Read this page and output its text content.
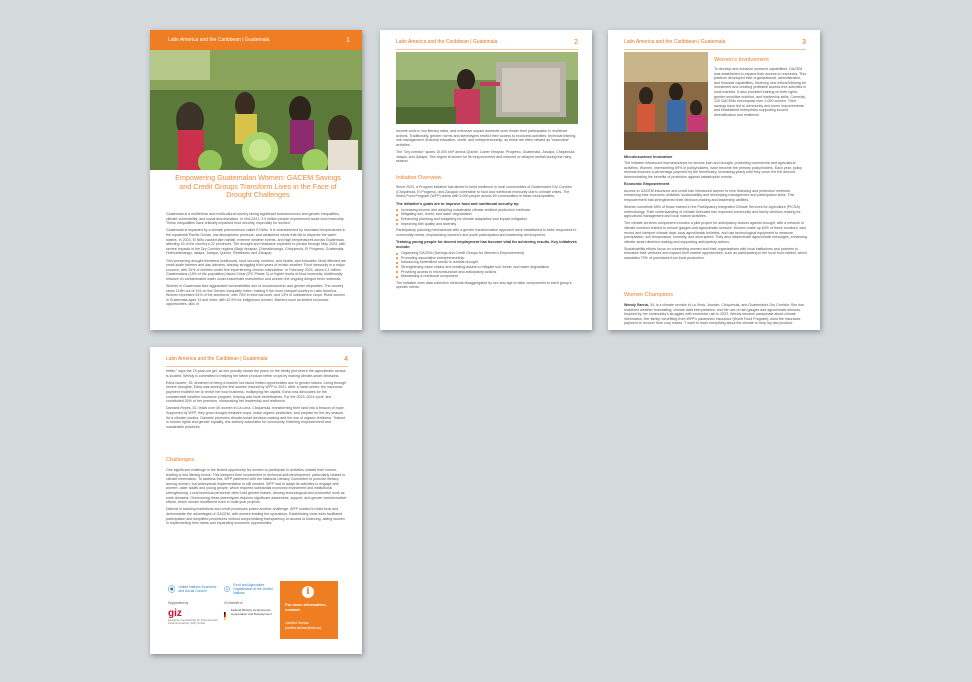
Latin America and the Caribbean | Guatemala	1
Empowering Guatemalan Women: GACEM Savings and Credit Groups Transform Lives in the Face of Drought Challenges

Guatemala is a multiethnic and multicultural country facing significant socioeconomic and gender inequalities, climate vulnerability, and social discrimination. In mid-2021, 3.9 million people experienced acute food insecurity. These inequalities have critically impacted food security, especially for women.

Guatemala is impacted by a climate phenomenon called El Niño. It is characterized by increased temperatures in the equatorial Pacific Ocean, low atmospheric pressure, and weakened winds that fail to disperse the warm waters. In 2023, El Niño caused late rainfall, extreme weather events, and high temperatures across Guatemala, affecting 15 of the country's 22 provinces. The drought and heatwave expected to persist through May 2024, with severe impacts in the Dry Corridor regions (Baja Verapaz, Chimaltenango, Chiquimula, El Progreso, Guatemala, Huehuetenango, Jalapa, Jutiapa, Quiché, Retalhuleu and Zacapa).

This worsening drought threatens livelihoods, food security, nutrition, and health, and educates. Most affected are small-scale farmers and day laborers, already struggling from years of erratic weather. Food insecurity is a major concern, with 34% of children under five experiencing chronic malnutrition. In February 2024, about 4.1 million Guatemalans (18% of the population) faced Crisis (IPC Phase 3) or higher levels of food insecurity. Additionally, reliance on contaminated water could exacerbate malnutrition and worsen the ongoing dengue fever outbreak.

Women in Guatemala face aggravated vulnerabilities due to socioeconomic and gender disparities. The country ranks 119th out of 191 on the Gender Inequality Index, making it the most unequal country in Latin America. Women represent 51% of the workforce, with 76% in informal work, and 13% in subsistence crops. Rural women in Guatemala ages 13 and older, with 42.9% for indigenous women. Barriers such as limited economic opportunities, lack of

Latin America and the Caribbean | Guatemala	2

income control, low literacy rates, and extensive unpaid domestic work hinder their participation in resilience actions. Traditionally, gender norms and stereotypes restrict their access to economic activities, technical training, risk management, financial education, credit, and entrepreneurship, as these are often viewed as "masculine" activities.

The "Dry corridor" spans 10,000 km² across Quiché, Lower Verapaz, Progreso, Guatemala, Zacapa, Chiquimula, Jalapa, and Jutiapa. This region is known for its long summers and reduced or delayed rainfall during the rainy season.

Initiative Overview

Since 2020, a Program initiative has aimed to build resilience in rural communities of Guatemala's Dry Corridor (Chiquimula, El Progreso, and Zacapa) vulnerable to food and nutritional insecurity due to climate crises. The World Food Program (WFP) works with 5,000 people across 60 communities in these municipalities.

The initiative's goals are to improve food and nutritional security by:
Increasing income and adopting sustainable climate-resilient production methods.
Mitigating soil, forest, and water degradation.
Enhancing planning and budgeting for climate adaptation and impact mitigation.
Improving diet quality and diversity.

Participatory planning mechanisms with a gender transformative approach were established to tailor responses to community needs, emphasizing women's and youth participation and leadership development.

Training young people for decent employment has become vital for achieving results. Key initiatives include:
Organizing GACEM (Savings and Credit Groups for Women's Empowerment)
Promoting associative entrepreneurship
Introducing biofertilizer seeds to combat drought
Strengthening value chains and creating assets to mitigate soil, forest, and water degradation
Providing access to microinsurance and anticipatory actions
Maintaining a nutritional component

The initiative uses data collection methods disaggregated by sex and age to tailor components to each group's specific needs.

Latin America and the Caribbean | Guatemala	3
Women's Involvement

To develop and enhance women's capabilities, GACEM was established to expand their access to resources. This platform developed their organizational, administrative, and financial capabilities, fostering new critical thinking for investment and creating profitable access-free activities in local markets. It also provided training on their rights, gender-sensitive nutrition, and leadership skills. Currently, 120 GACEMs encompass over 2,000 women. Their savings have led to community and home improvements and established enterprises supporting income diversification and resilience.

Microinsurance Innovation

The initiative introduced microinsurance for access loan and drought, protecting commercial and agricultural activities. Women, representing 69% of policyholders, have become the primary policyholders. Each year, policy renewal involves a percentage payment by the beneficiary, increasing yearly until they cover the full amount, demonstrating the benefits of protection against catastrophic events.

Economic Empowerment

Access to GACEM insurance and credit has introduced women to new financing and protection methods, enhancing their economic activities' sustainability and developing management and participation skills. This empowerment has strengthened their decision-making and leadership abilities.

Women constitute 65% of those trained in the Participatory Integrated Climate Services for Agriculture (PICSA) methodology. Their understanding of climate forecasts has improved community and family decision-making for agricultural management and local market activities.

The climate services component includes a pilot project for anticipatory actions against drought, with a network of climate monitors trained to ensure gauges and agroclimatic sensors. Women make up 64% of these monitors, who record and interpret climate data: local agroclimatic bulletins, and use technological equipment to measure precipitation, soil temperature, humidity, and wind speed. They also disseminate agroclimatic messages, enhancing climate-smart decision-making and supporting anticipatory actions.

Sustainability efforts focus on connecting women and their organizations with local institutions and partners to formalize their ventures and expand their market opportunities, such as participating in the local food market, which mandates 70% of purchases from local production.

Women Champions

Wendy García, 34, is a climate monitor in La Ximá, Jocotán, Chiquimula, and Guatemala's Dry Corridor. She has mastered weather forecasting, climate data interpretation, and the use of rain gauges and agroclimatic sensors. Inspired by her community's struggles with excessive rain in 2022, Wendy became passionate about climate information. Her family, benefiting from WFP's parametric insurance (World Food Program), used the insurance payment to recover from crop losses. "I want to learn everything about the climate to help my dad produce

Latin America and the Caribbean | Guatemala	4

better," says the 19-year-old girl, as she proudly shows the place on the family plot where the agroclimatic sensor is located. Wendy is committed to helping her father produce better crops by making climate-smart decisions.

Edna Isuarte, 35, dreamed of being a teacher but faced limited opportunities due to gender biases. Living through severe droughts, Edna was among the first women insured by WFP in 2021. After a harsh winter, the insurance payment enabled her to revive her food business, multiplying her capital. Edna now advocates for the considerable weather insurance program, helping add more beneficiaries. For the 2023–2024 cycle, she contributed 50% of her premium, showcasing her leadership and resilience.

Damaris Reyes, 52, leads over 40 women in La Lima, Chiquimula, transforming their land into a beacon of hope. Supported by WFP, they grow drought-resistant crops, make organic pesticides, and prepare for the dry season. As a climate monitor, Damaris promotes climate-smart decision-making and the use of organic fertilizers. Trained in human rights and gender equality, she actively advocates for community, fostering empowerment and sustainable practices.

Challenges

One significant challenge is the limited opportunity for women to participate in activities outside their homes, leading to low literacy levels. This hampers their involvement in technical skill development, particularly related to climate information. To address this, WFP partnered with the National Literacy Committee to promote literacy among women, but widespread implementation is still needed. WFP had to adapt its activities to engage with women, older adults and young people, which required substantial economic investment and institutional strengthening. Local technical personnel often hold gender biases, viewing technological and productive work as male domains. Overcoming these stereotypes requires significant awareness, support, and gender transformative efforts, which remain insufficient even in multi-year projects.

Distrust in banking institutions and credit processes posed another challenge. WFP worked to build trust and demonstrate the advantages of GACEM, with women leading the operations. Establishing clear rules facilitated participation and simplified procedures without compromising transparency or access to financing, aiding women in implementing their ideas and expanding economic opportunities.

United Nations Economic and Social Council
Food and Agriculture Organization of the United Nations
Supported by
giz
Deutsche Gesellschaft für Internationale Zusammenarbeit (GIZ) GmbH
On behalf of
Federal Ministry for Economic Cooperation and Development
i
For more information, contact:
Josefina Tachtan
josefina.tachtan@wfp.org
